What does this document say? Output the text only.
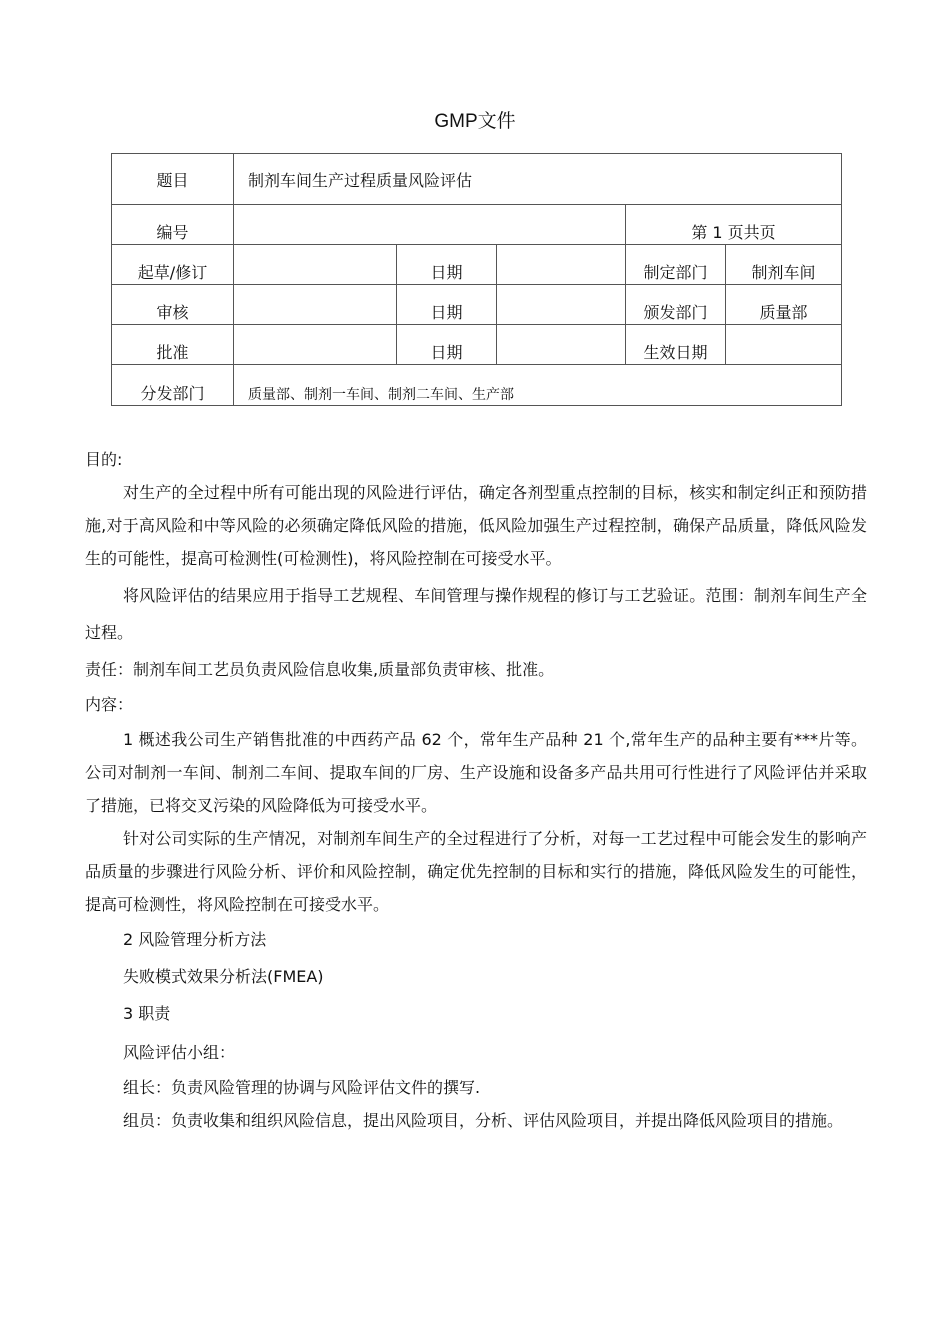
GMP文件
题目	制剂车间生产过程质量风险评估				
编号				第 1 页共页	
起草/修订		日期		制定部门	制剂车间
审核		日期		颁发部门	质量部
批准		日期		生效日期	
分发部门	质量部、制剂一车间、制剂二车间、生产部				

目的:

对生产的全过程中所有可能出现的风险进行评估，确定各剂型重点控制的目标，核实和制定纠正和预防措施,对于高风险和中等风险的必须确定降低风险的措施，低风险加强生产过程控制，确保产品质量，降低风险发生的可能性，提高可检测性(可检测性)，将风险控制在可接受水平。

将风险评估的结果应用于指导工艺规程、车间管理与操作规程的修订与工艺验证。范围：制剂车间生产全过程。

责任：制剂车间工艺员负责风险信息收集,质量部负责审核、批准。

内容：

1 概述我公司生产销售批准的中西药产品 62 个，常年生产品种 21 个,常年生产的品种主要有***片等。公司对制剂一车间、制剂二车间、提取车间的厂房、生产设施和设备多产品共用可行性进行了风险评估并采取了措施，已将交叉污染的风险降低为可接受水平。

针对公司实际的生产情况，对制剂车间生产的全过程进行了分析，对每一工艺过程中可能会发生的影响产品质量的步骤进行风险分析、评价和风险控制，确定优先控制的目标和实行的措施，降低风险发生的可能性，提高可检测性，将风险控制在可接受水平。

2 风险管理分析方法

失败模式效果分析法(FMEA)

3 职责

风险评估小组：

组长：负责风险管理的协调与风险评估文件的撰写.

组员：负责收集和组织风险信息，提出风险项目，分析、评估风险项目，并提出降低风险项目的措施。
